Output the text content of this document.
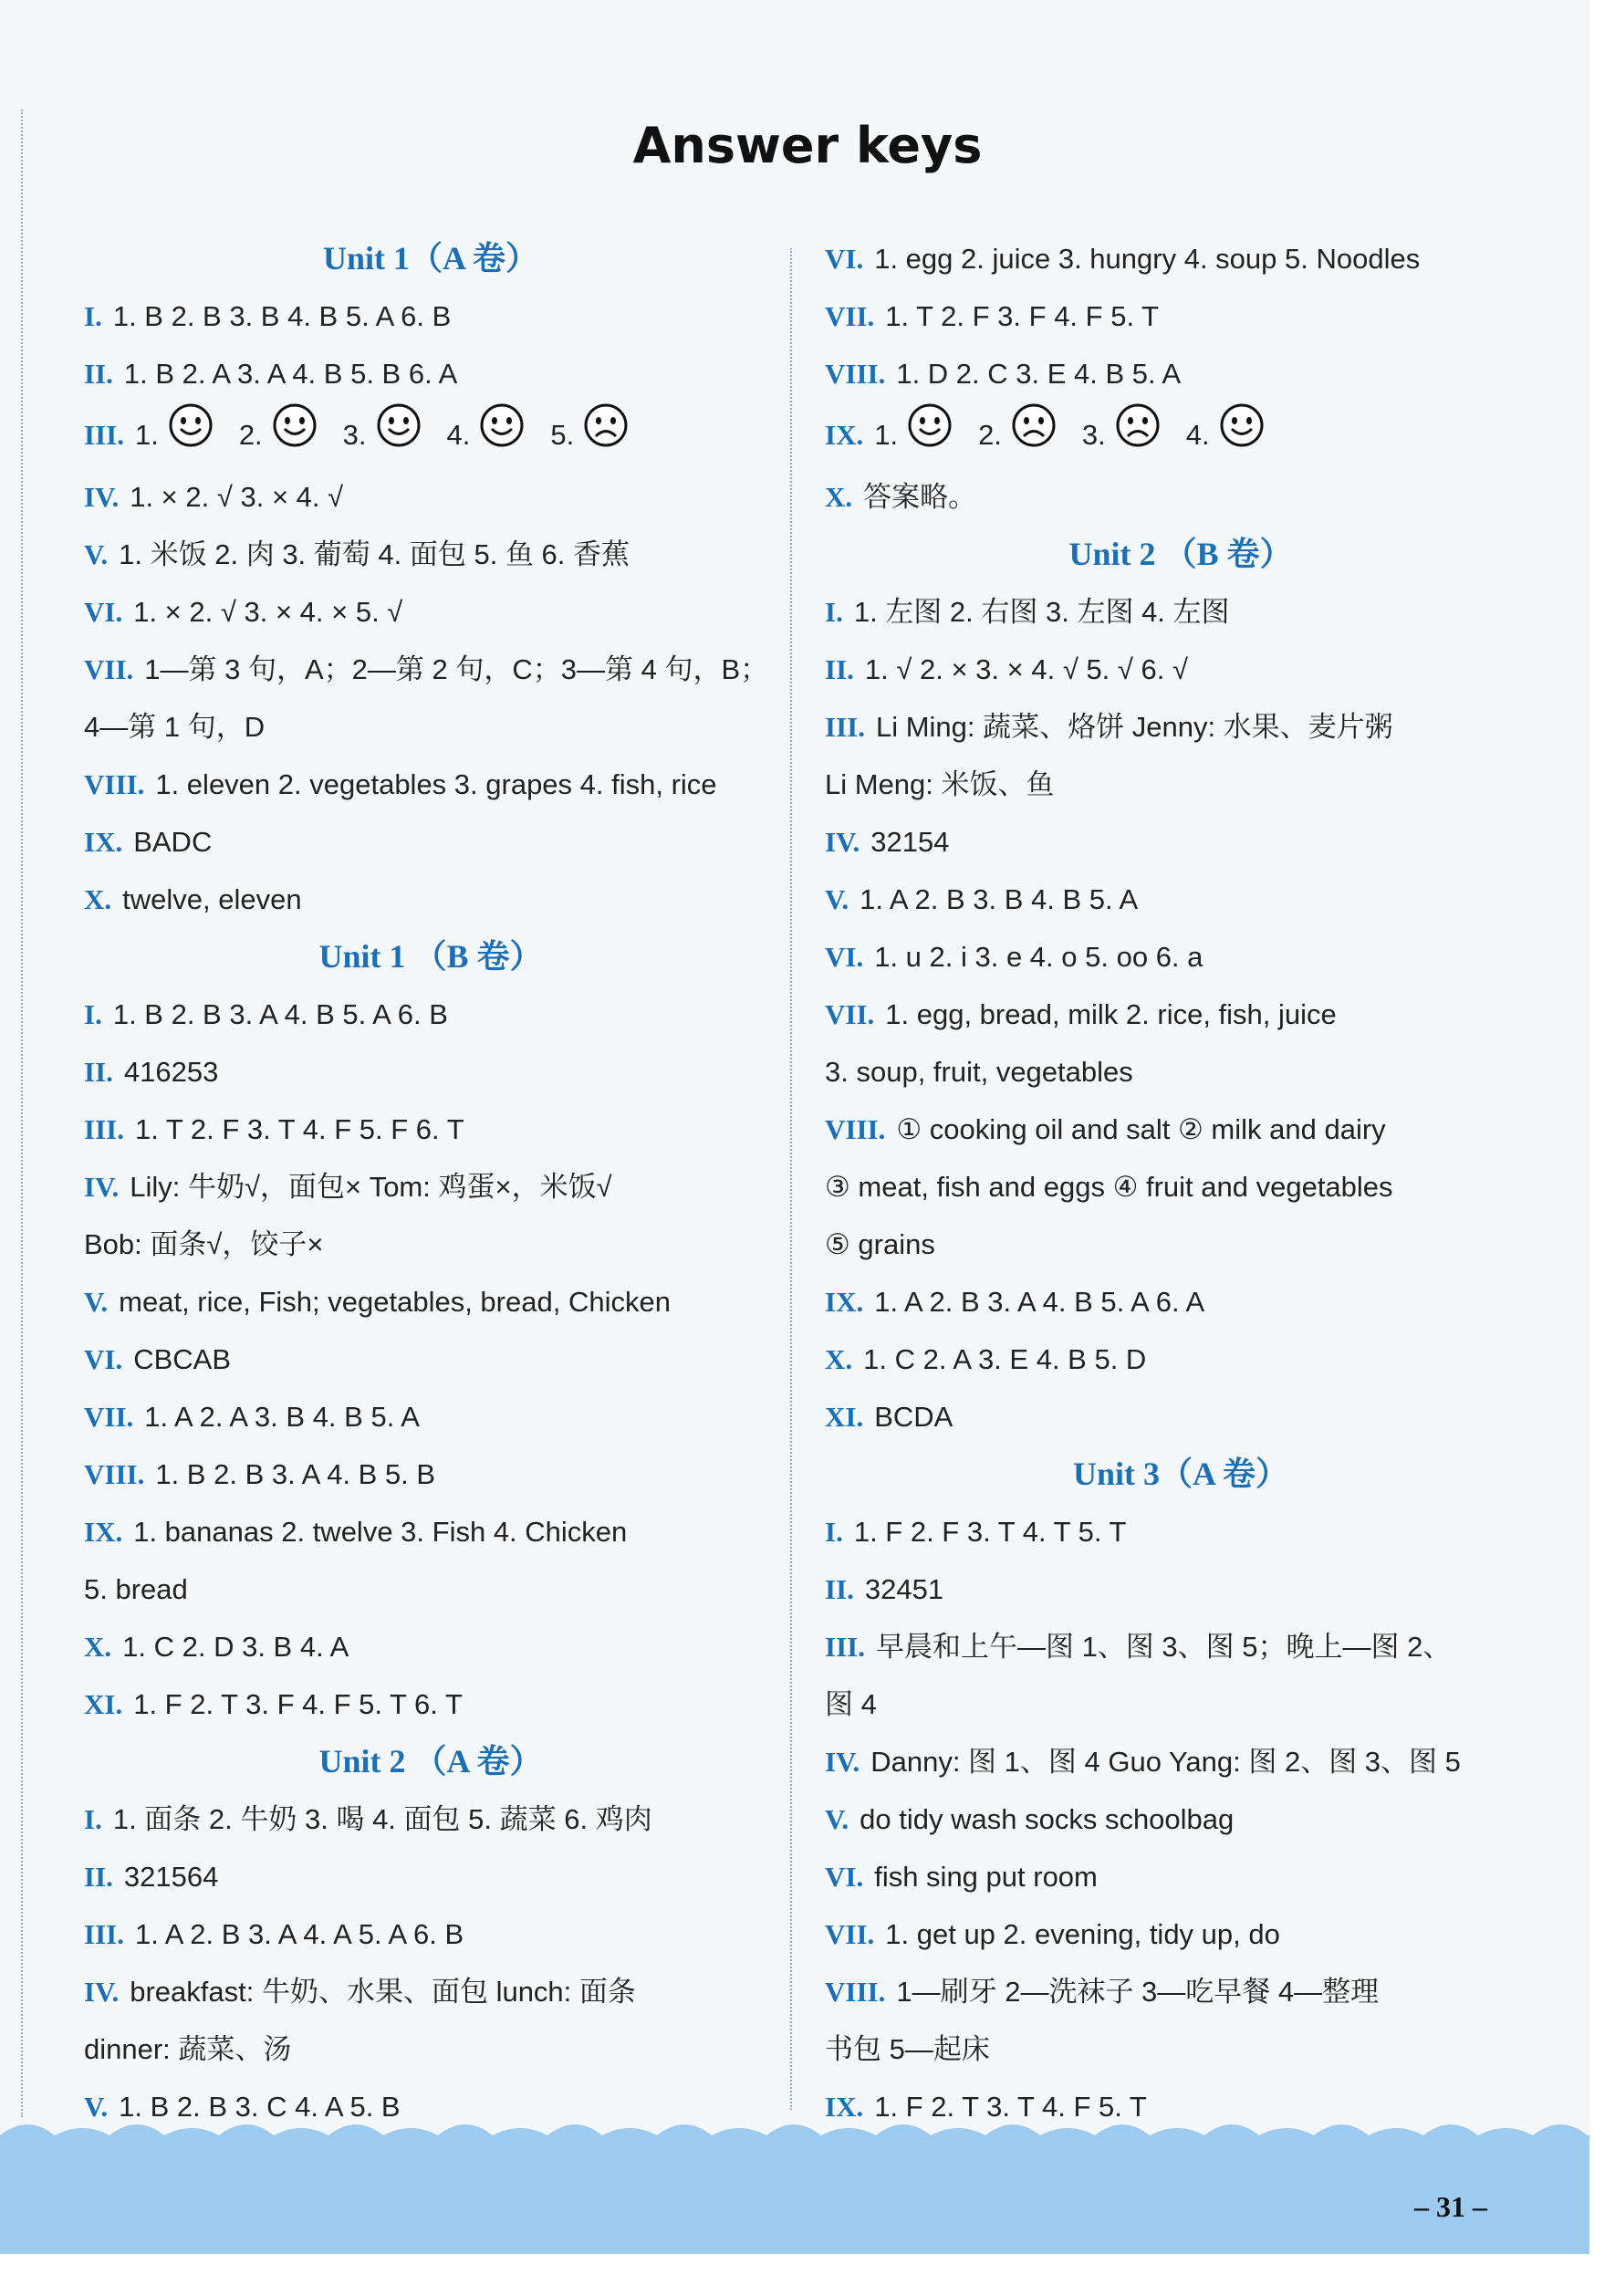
Answer keys
Unit 1（A 卷）
I. 1. B 2. B 3. B 4. B 5. A 6. B
II. 1. B 2. A 3. A 4. B 5. B 6. A
III. 1.	2.	3.	4.	5.
IV. 1. × 2. √ 3. × 4. √
V. 1. 米饭 2. 肉 3. 葡萄 4. 面包 5. 鱼 6. 香蕉
VI. 1. × 2. √ 3. × 4. × 5. √
VII. 1—第 3 句，A；2—第 2 句，C；3—第 4 句，B；
4—第 1 句，D
VIII. 1. eleven 2. vegetables 3. grapes 4. fish, rice
IX. BADC
X. twelve, eleven
Unit 1 （B 卷）
I. 1. B 2. B 3. A 4. B 5. A 6. B
II. 416253
III. 1. T 2. F 3. T 4. F 5. F 6. T
IV. Lily: 牛奶√，面包× Tom: 鸡蛋×，米饭√
Bob: 面条√，饺子×
V. meat, rice, Fish; vegetables, bread, Chicken
VI. CBCAB
VII. 1. A 2. A 3. B 4. B 5. A
VIII. 1. B 2. B 3. A 4. B 5. B
IX. 1. bananas 2. twelve 3. Fish 4. Chicken
5. bread
X. 1. C 2. D 3. B 4. A
XI. 1. F 2. T 3. F 4. F 5. T 6. T
Unit 2 （A 卷）
I. 1. 面条 2. 牛奶 3. 喝 4. 面包 5. 蔬菜 6. 鸡肉
II. 321564
III. 1. A 2. B 3. A 4. A 5. A 6. B
IV. breakfast: 牛奶、水果、面包 lunch: 面条
dinner: 蔬菜、汤
V. 1. B 2. B 3. C 4. A 5. B
VI. 1. egg 2. juice 3. hungry 4. soup 5. Noodles
VII. 1. T 2. F 3. F 4. F 5. T
VIII. 1. D 2. C 3. E 4. B 5. A
IX. 1.	2.	3.	4.
X. 答案略。
Unit 2 （B 卷）
I. 1. 左图 2. 右图 3. 左图 4. 左图
II. 1. √ 2. × 3. × 4. √ 5. √ 6. √
III. Li Ming: 蔬菜、烙饼 Jenny: 水果、麦片粥
Li Meng: 米饭、鱼
IV. 32154
V. 1. A 2. B 3. B 4. B 5. A
VI. 1. u 2. i 3. e 4. o 5. oo 6. a
VII. 1. egg, bread, milk 2. rice, fish, juice
3. soup, fruit, vegetables
VIII. ① cooking oil and salt ② milk and dairy
③ meat, fish and eggs ④ fruit and vegetables
⑤ grains
IX. 1. A 2. B 3. A 4. B 5. A 6. A
X. 1. C 2. A 3. E 4. B 5. D
XI. BCDA
Unit 3（A 卷）
I. 1. F 2. F 3. T 4. T 5. T
II. 32451
III. 早晨和上午—图 1、图 3、图 5；晚上—图 2、
图 4
IV. Danny: 图 1、图 4 Guo Yang: 图 2、图 3、图 5
V. do tidy wash socks schoolbag
VI. fish sing put room
VII. 1. get up 2. evening, tidy up, do
VIII. 1—刷牙 2—洗袜子 3—吃早餐 4—整理
书包 5—起床
IX. 1. F 2. T 3. T 4. F 5. T
– 31 –
